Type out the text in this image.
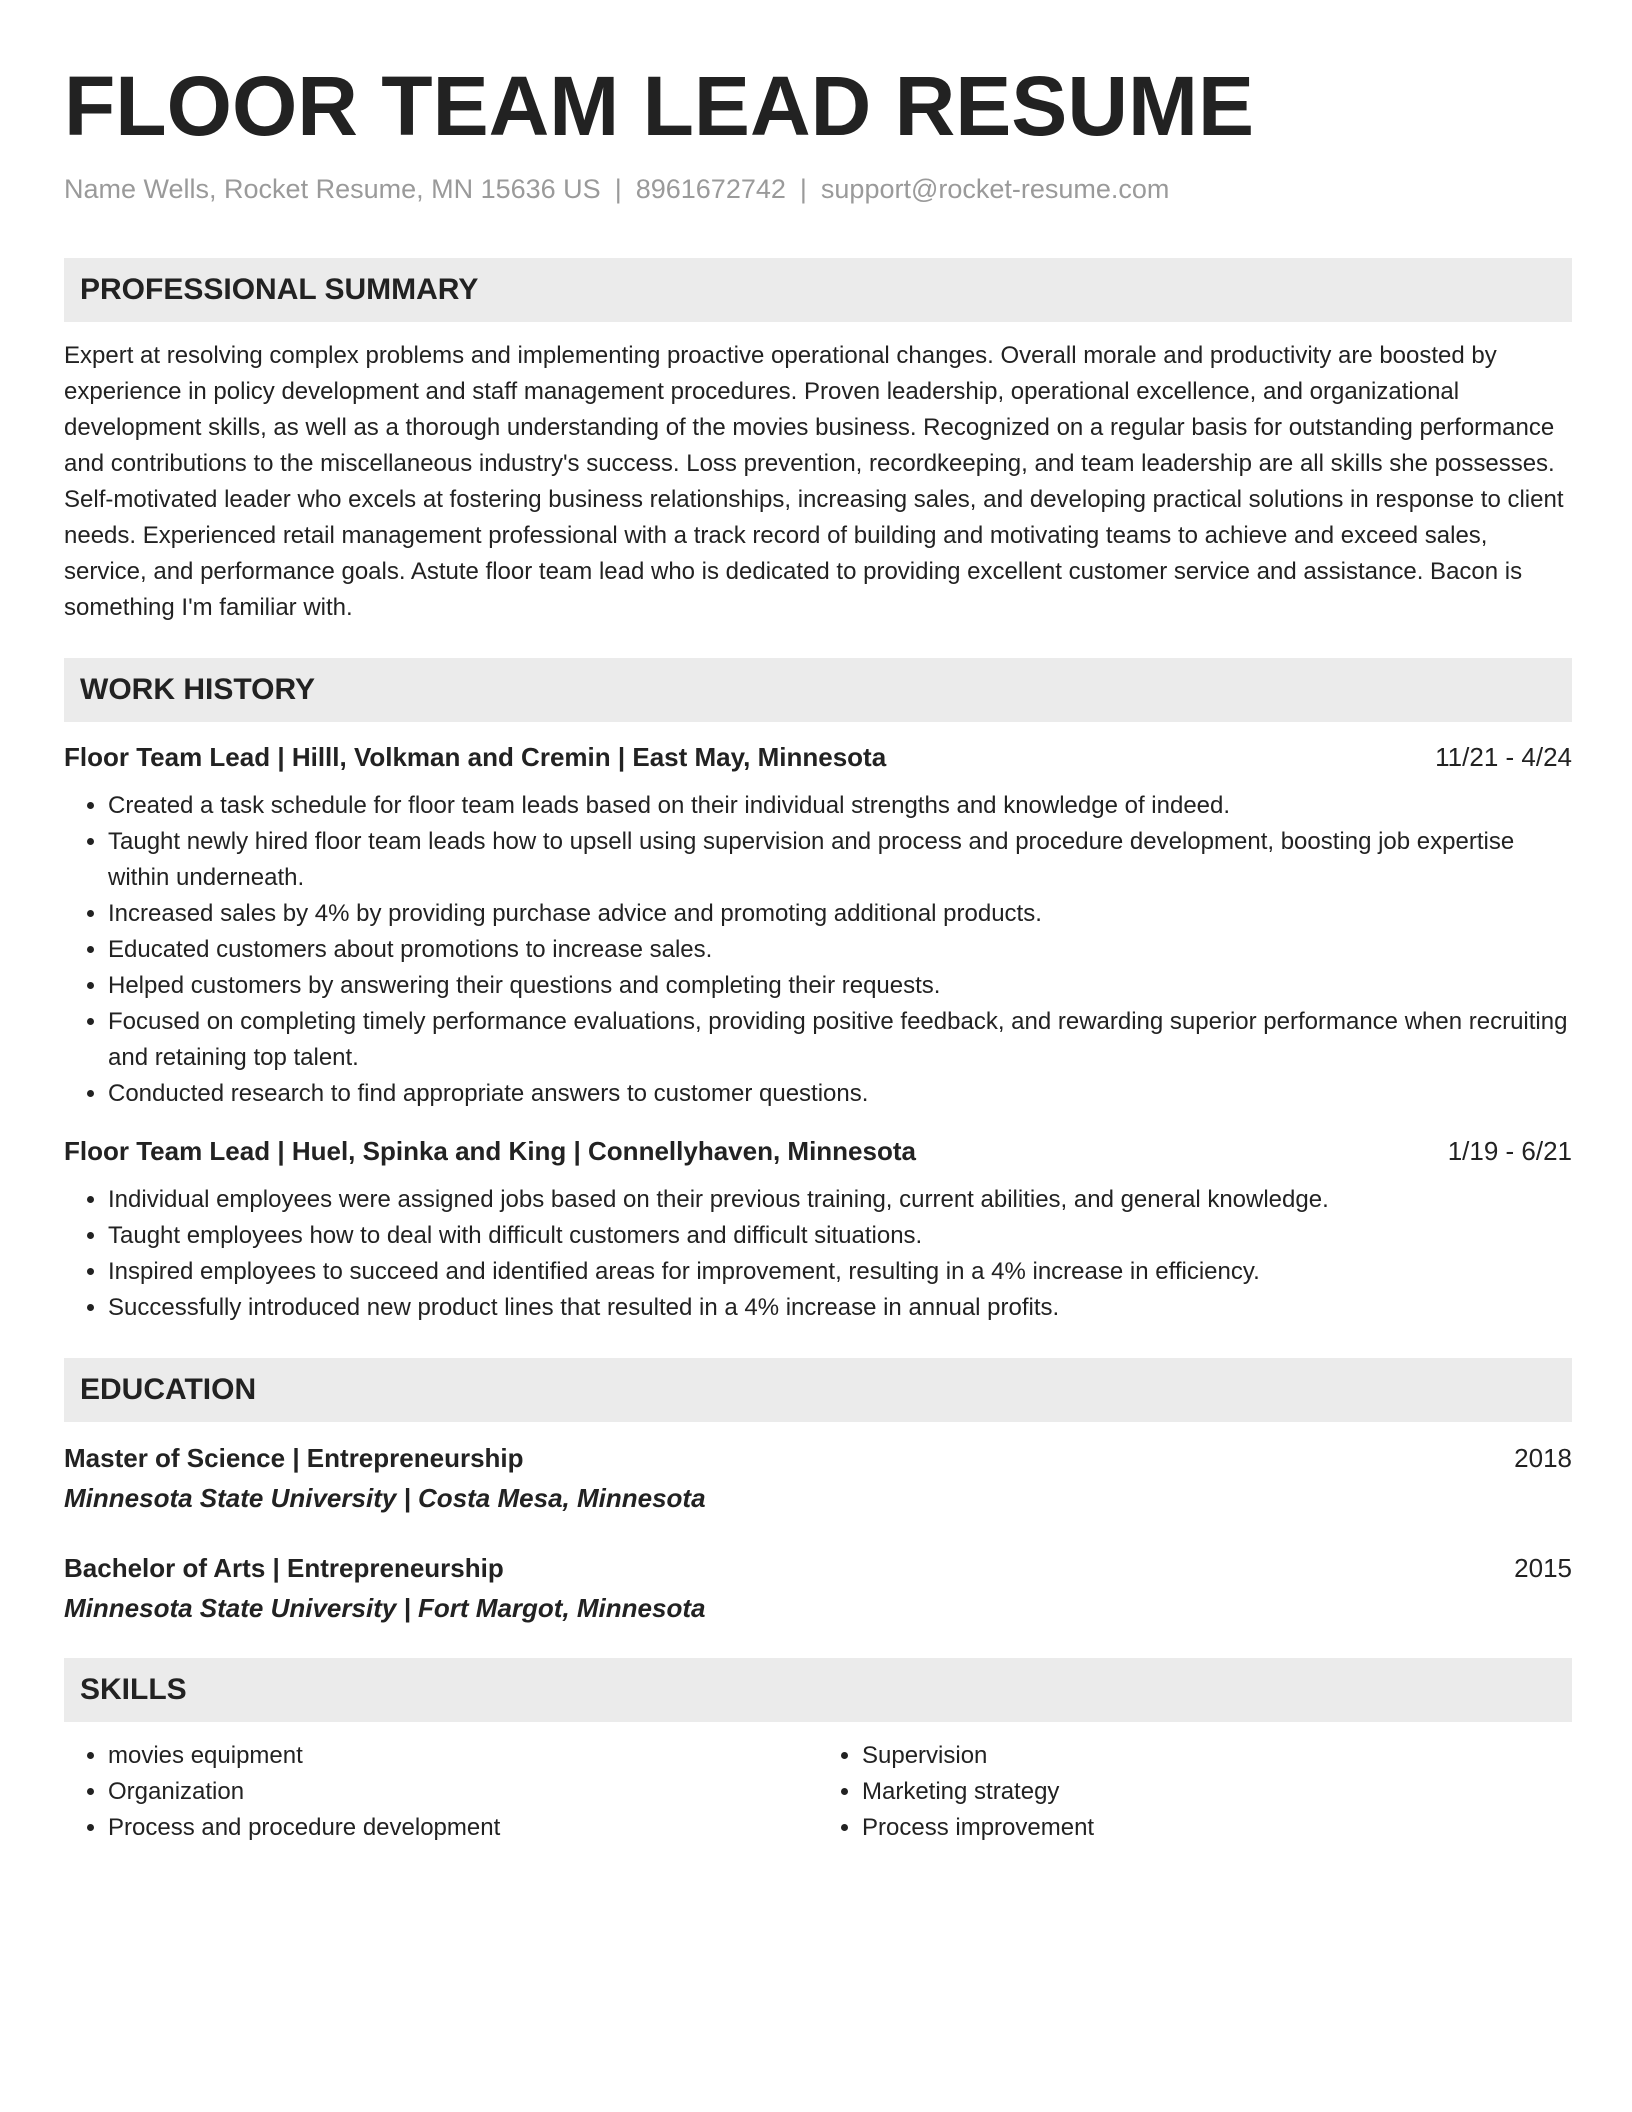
FLOOR TEAM LEAD RESUME
Name Wells, Rocket Resume, MN 15636 US | 8961672742 | support@rocket-resume.com
PROFESSIONAL SUMMARY
Expert at resolving complex problems and implementing proactive operational changes. Overall morale and productivity are boosted by experience in policy development and staff management procedures. Proven leadership, operational excellence, and organizational development skills, as well as a thorough understanding of the movies business. Recognized on a regular basis for outstanding performance and contributions to the miscellaneous industry's success. Loss prevention, recordkeeping, and team leadership are all skills she possesses. Self-motivated leader who excels at fostering business relationships, increasing sales, and developing practical solutions in response to client needs. Experienced retail management professional with a track record of building and motivating teams to achieve and exceed sales, service, and performance goals. Astute floor team lead who is dedicated to providing excellent customer service and assistance. Bacon is something I'm familiar with.
WORK HISTORY
Floor Team Lead | Hilll, Volkman and Cremin | East May, Minnesota	11/21 - 4/24
• Created a task schedule for floor team leads based on their individual strengths and knowledge of indeed.
• Taught newly hired floor team leads how to upsell using supervision and process and procedure development, boosting job expertise within underneath.
• Increased sales by 4% by providing purchase advice and promoting additional products.
• Educated customers about promotions to increase sales.
• Helped customers by answering their questions and completing their requests.
• Focused on completing timely performance evaluations, providing positive feedback, and rewarding superior performance when recruiting and retaining top talent.
• Conducted research to find appropriate answers to customer questions.
Floor Team Lead | Huel, Spinka and King | Connellyhaven, Minnesota	1/19 - 6/21
• Individual employees were assigned jobs based on their previous training, current abilities, and general knowledge.
• Taught employees how to deal with difficult customers and difficult situations.
• Inspired employees to succeed and identified areas for improvement, resulting in a 4% increase in efficiency.
• Successfully introduced new product lines that resulted in a 4% increase in annual profits.
EDUCATION
Master of Science | Entrepreneurship	2018
Minnesota State University | Costa Mesa, Minnesota
Bachelor of Arts | Entrepreneurship	2015
Minnesota State University | Fort Margot, Minnesota
SKILLS
• movies equipment
• Organization
• Process and procedure development
• Supervision
• Marketing strategy
• Process improvement
